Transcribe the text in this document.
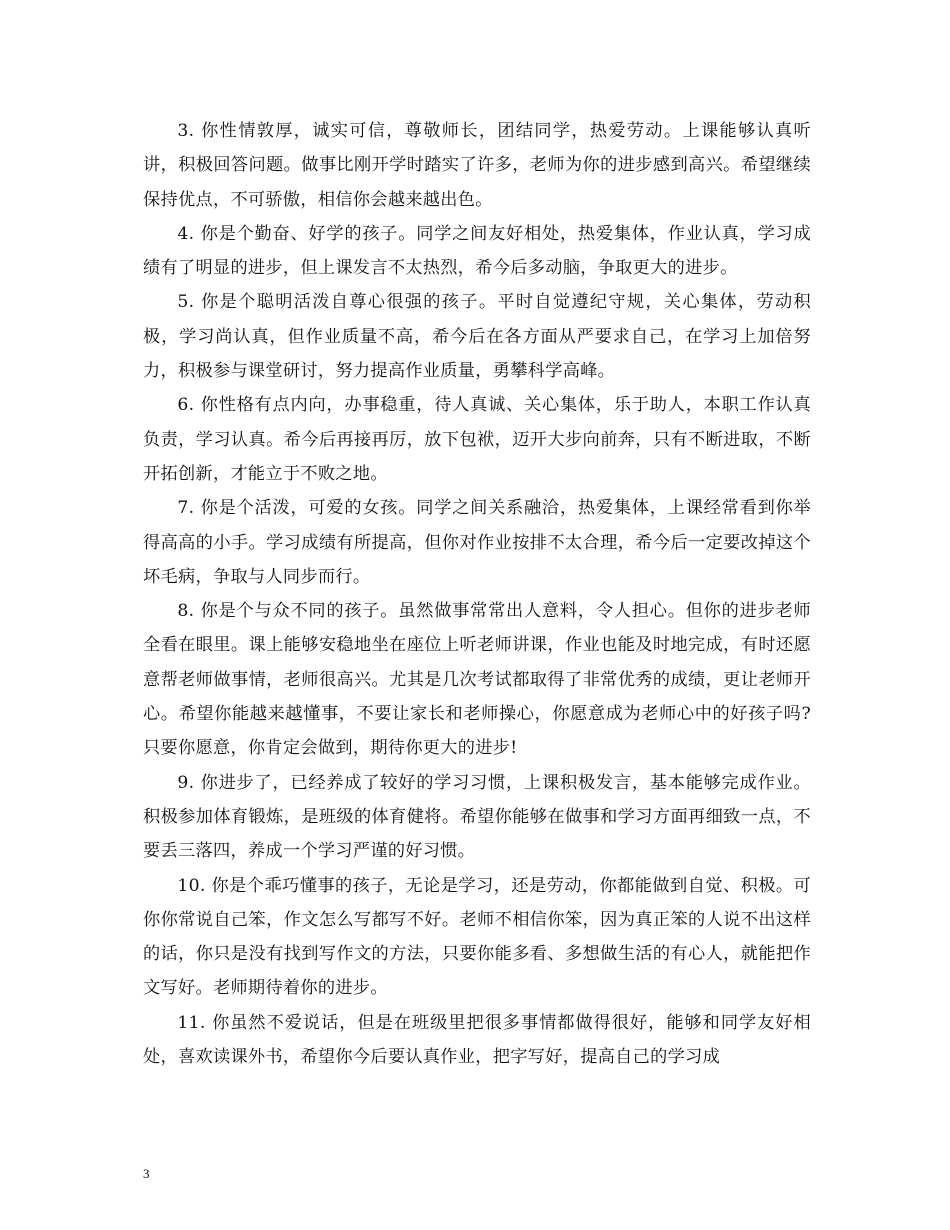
3. 你性情敦厚，诚实可信，尊敬师长，团结同学，热爱劳动。上课能够认真听讲，积极回答问题。做事比刚开学时踏实了许多，老师为你的进步感到高兴。希望继续保持优点，不可骄傲，相信你会越来越出色。

4. 你是个勤奋、好学的孩子。同学之间友好相处，热爱集体，作业认真，学习成绩有了明显的进步，但上课发言不太热烈，希今后多动脑，争取更大的进步。

5. 你是个聪明活泼自尊心很强的孩子。平时自觉遵纪守规，关心集体，劳动积极，学习尚认真，但作业质量不高，希今后在各方面从严要求自己，在学习上加倍努力，积极参与课堂研讨，努力提高作业质量，勇攀科学高峰。

6. 你性格有点内向，办事稳重，待人真诚、关心集体，乐于助人，本职工作认真负责，学习认真。希今后再接再厉，放下包袱，迈开大步向前奔，只有不断进取，不断开拓创新，才能立于不败之地。

7. 你是个活泼，可爱的女孩。同学之间关系融洽，热爱集体，上课经常看到你举得高高的小手。学习成绩有所提高，但你对作业按排不太合理，希今后一定要改掉这个坏毛病，争取与人同步而行。

8. 你是个与众不同的孩子。虽然做事常常出人意料，令人担心。但你的进步老师全看在眼里。课上能够安稳地坐在座位上听老师讲课，作业也能及时地完成，有时还愿意帮老师做事情，老师很高兴。尤其是几次考试都取得了非常优秀的成绩，更让老师开心。希望你能越来越懂事，不要让家长和老师操心，你愿意成为老师心中的好孩子吗?只要你愿意，你肯定会做到，期待你更大的进步!

9. 你进步了，已经养成了较好的学习习惯，上课积极发言，基本能够完成作业。积极参加体育锻炼，是班级的体育健将。希望你能够在做事和学习方面再细致一点，不要丢三落四，养成一个学习严谨的好习惯。

10. 你是个乖巧懂事的孩子，无论是学习，还是劳动，你都能做到自觉、积极。可你你常说自己笨，作文怎么写都写不好。老师不相信你笨，因为真正笨的人说不出这样的话，你只是没有找到写作文的方法，只要你能多看、多想做生活的有心人，就能把作文写好。老师期待着你的进步。

11. 你虽然不爱说话，但是在班级里把很多事情都做得很好，能够和同学友好相处，喜欢读课外书，希望你今后要认真作业，把字写好，提高自己的学习成

3
